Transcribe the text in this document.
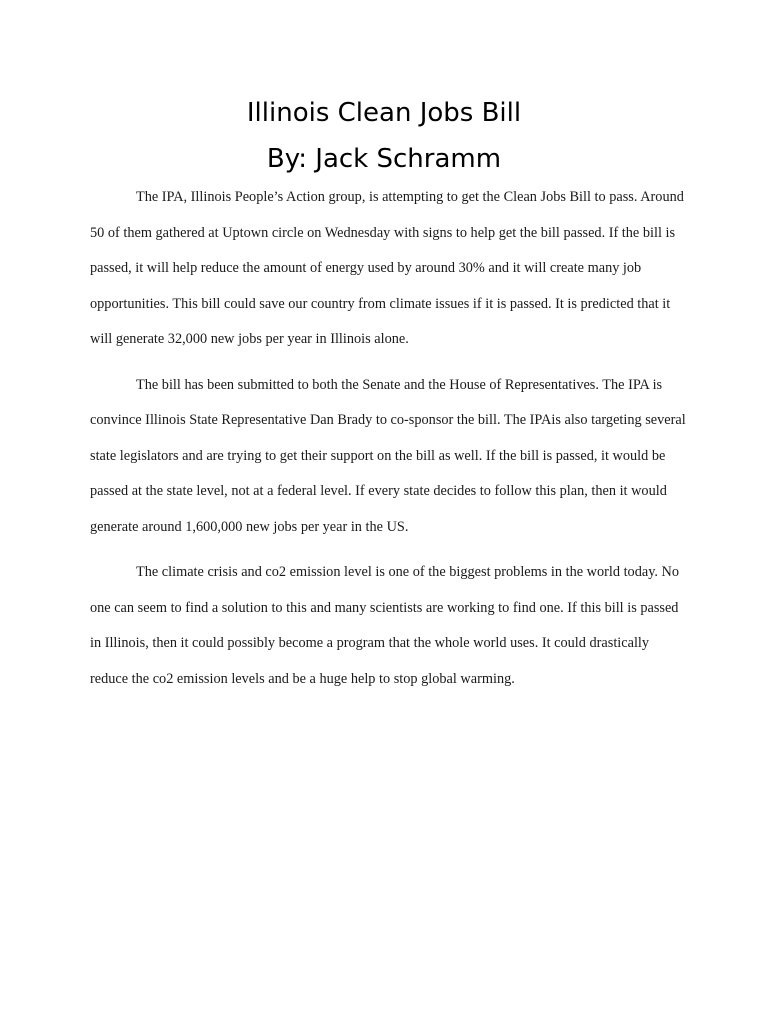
Illinois Clean Jobs Bill
By: Jack Schramm

The IPA, Illinois People’s Action group, is attempting to get the Clean Jobs Bill to pass. Around 50 of them gathered at Uptown circle on Wednesday with signs to help get the bill passed. If the bill is passed, it will help reduce the amount of energy used by around 30% and it will create many job opportunities. This bill could save our country from climate issues if it is passed. It is predicted that it will generate 32,000 new jobs per year in Illinois alone.

The bill has been submitted to both the Senate and the House of Representatives. The IPA is convince Illinois State Representative Dan Brady to co-sponsor the bill. The IPAis also targeting several state legislators and are trying to get their support on the bill as well. If the bill is passed, it would be passed at the state level, not at a federal level. If every state decides to follow this plan, then it would generate around 1,600,000 new jobs per year in the US.

The climate crisis and co2 emission level is one of the biggest problems in the world today. No one can seem to find a solution to this and many scientists are working to find one. If this bill is passed in Illinois, then it could possibly become a program that the whole world uses. It could drastically reduce the co2 emission levels and be a huge help to stop global warming.
